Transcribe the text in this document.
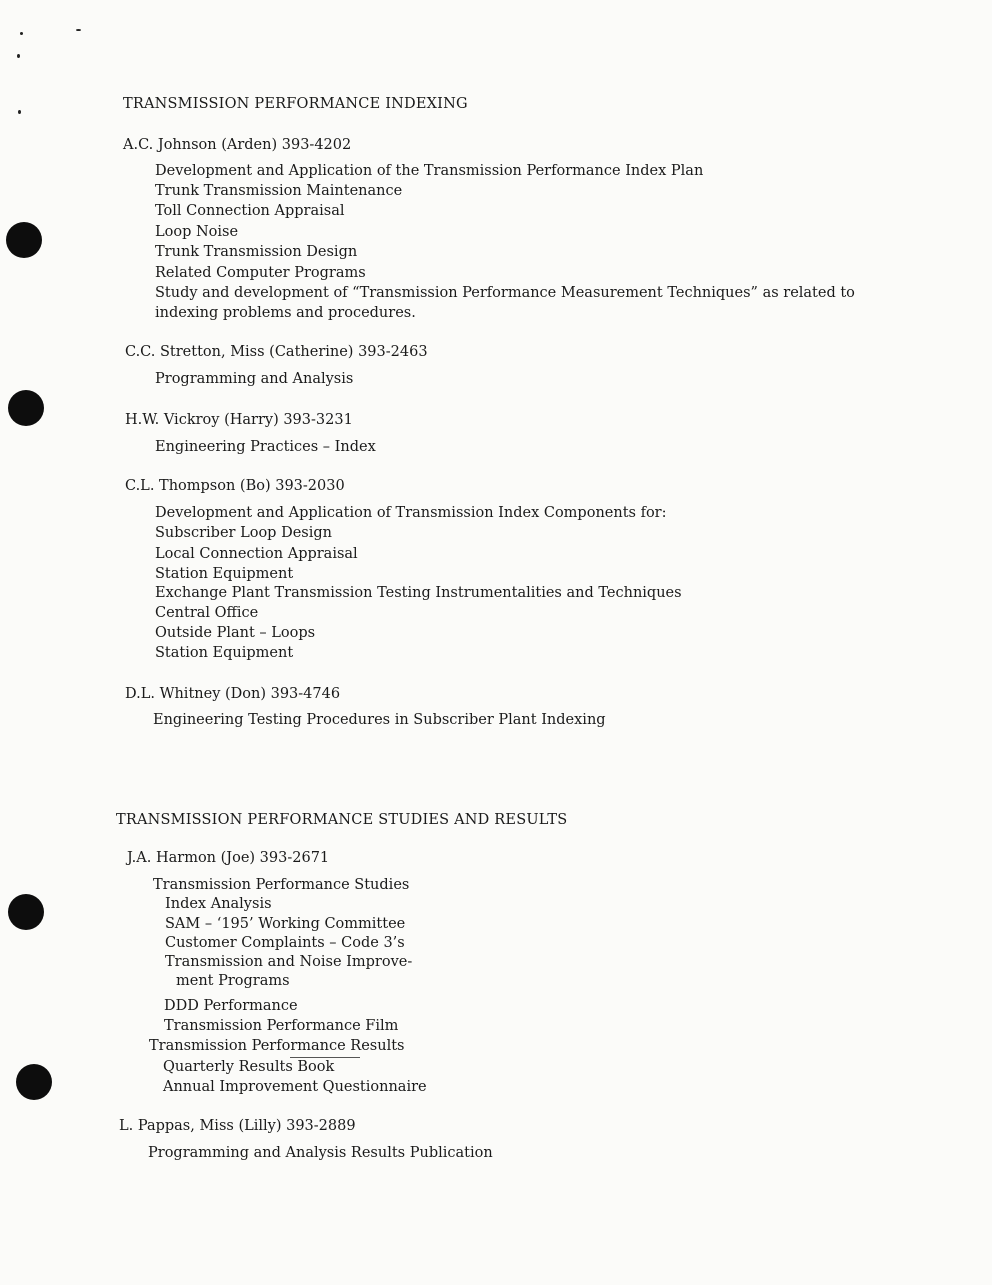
TRANSMISSION PERFORMANCE INDEXING
A.C. Johnson (Arden) 393-4202
Development and Application of the Transmission Performance Index Plan
Trunk Transmission Maintenance
Toll Connection Appraisal
Loop Noise
Trunk Transmission Design
Related Computer Programs
Study and development of “Transmission Performance Measurement Techniques” as related to
indexing problems and procedures.
C.C. Stretton, Miss (Catherine) 393-2463
Programming and Analysis
H.W. Vickroy (Harry) 393-3231
Engineering Practices – Index
C.L. Thompson (Bo) 393-2030
Development and Application of Transmission Index Components for:
Subscriber Loop Design
Local Connection Appraisal
Station Equipment
Exchange Plant Transmission Testing Instrumentalities and Techniques
Central Office
Outside Plant – Loops
Station Equipment
D.L. Whitney (Don) 393-4746
Engineering Testing Procedures in Subscriber Plant Indexing
TRANSMISSION PERFORMANCE STUDIES AND RESULTS
J.A. Harmon (Joe) 393-2671
Transmission Performance Studies
Index Analysis
SAM – ‘195’ Working Committee
Customer Complaints – Code 3’s
Transmission and Noise Improve-
ment Programs
DDD Performance
Transmission Performance Film
Transmission Performance Results
Quarterly Results Book
Annual Improvement Questionnaire
L. Pappas, Miss (Lilly) 393-2889
Programming and Analysis Results Publication
